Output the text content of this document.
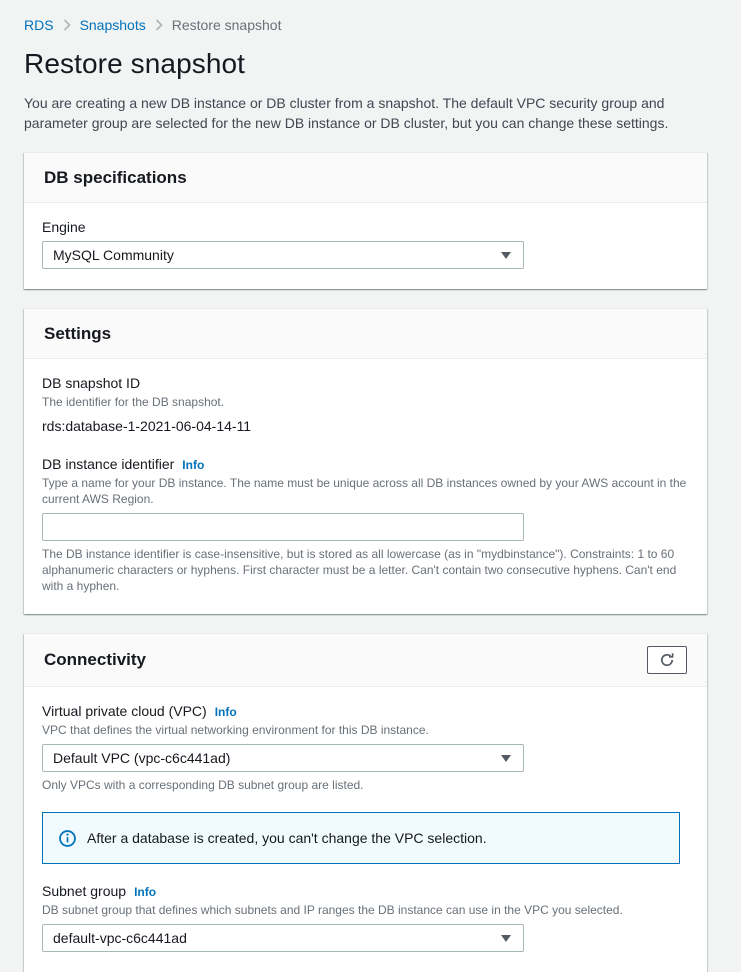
RDS Snapshots Restore snapshot
Restore snapshot

You are creating a new DB instance or DB cluster from a snapshot. The default VPC security group and parameter group are selected for the new DB instance or DB cluster, but you can change these settings.

DB specifications
Engine
MySQL Community
Settings
DB snapshot ID
The identifier for the DB snapshot.
rds:database-1-2021-06-04-14-11
DB instance identifier Info
Type a name for your DB instance. The name must be unique across all DB instances owned by your AWS account in the current AWS Region.
The DB instance identifier is case-insensitive, but is stored as all lowercase (as in "mydbinstance"). Constraints: 1 to 60 alphanumeric characters or hyphens. First character must be a letter. Can't contain two consecutive hyphens. Can't end with a hyphen.
Connectivity
Virtual private cloud (VPC) Info
VPC that defines the virtual networking environment for this DB instance.
Default VPC (vpc-c6c441ad)
Only VPCs with a corresponding DB subnet group are listed.
After a database is created, you can't change the VPC selection.
Subnet group Info
DB subnet group that defines which subnets and IP ranges the DB instance can use in the VPC you selected.
default-vpc-c6c441ad
